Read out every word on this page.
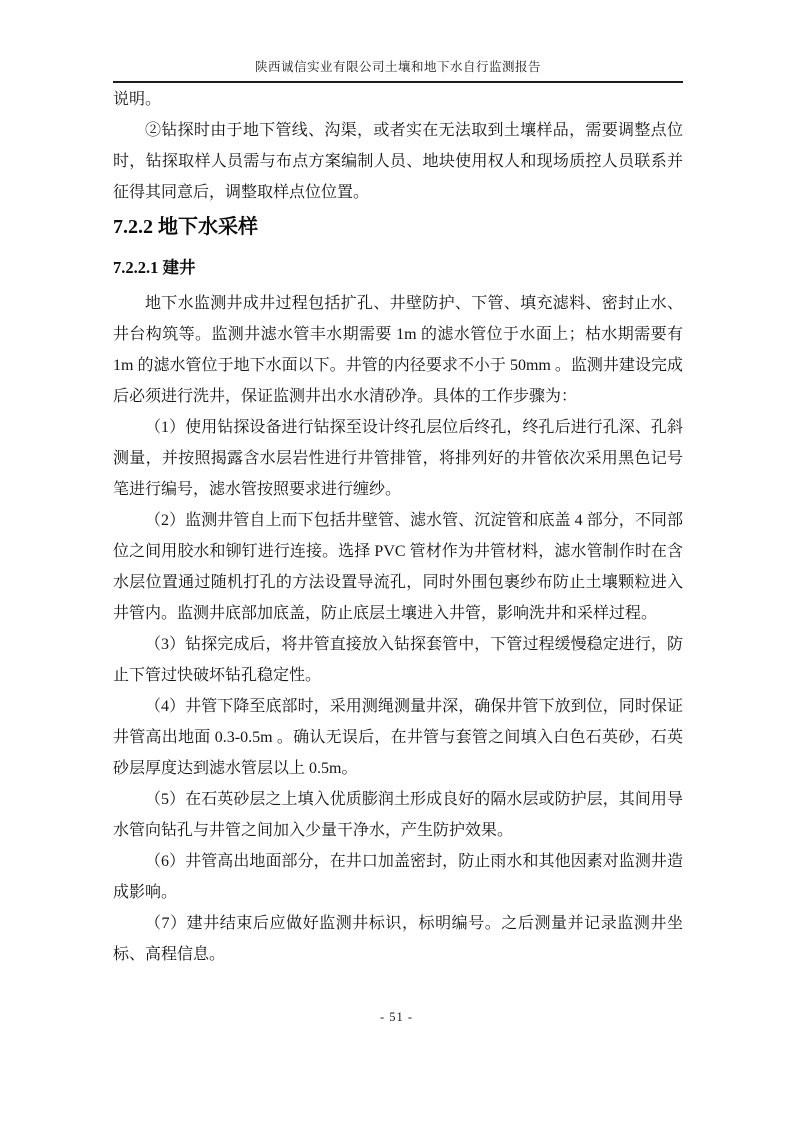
陕西诚信实业有限公司土壤和地下水自行监测报告

说明。

②钻探时由于地下管线、沟渠，或者实在无法取到土壤样品，需要调整点位时，钻探取样人员需与布点方案编制人员、地块使用权人和现场质控人员联系并征得其同意后，调整取样点位位置。

7.2.2 地下水采样
7.2.2.1 建井

地下水监测井成井过程包括扩孔、井壁防护、下管、填充滤料、密封止水、井台构筑等。监测井滤水管丰水期需要 1m 的滤水管位于水面上；枯水期需要有 1m 的滤水管位于地下水面以下。井管的内径要求不小于 50mm 。监测井建设完成后必须进行洗井，保证监测井出水水清砂净。具体的工作步骤为：

（1）使用钻探设备进行钻探至设计终孔层位后终孔，终孔后进行孔深、孔斜测量，并按照揭露含水层岩性进行井管排管，将排列好的井管依次采用黑色记号笔进行编号，滤水管按照要求进行缠纱。

（2）监测井管自上而下包括井壁管、滤水管、沉淀管和底盖 4 部分，不同部位之间用胶水和铆钉进行连接。选择 PVC 管材作为井管材料，滤水管制作时在含水层位置通过随机打孔的方法设置导流孔，同时外围包裹纱布防止土壤颗粒进入井管内。监测井底部加底盖，防止底层土壤进入井管，影响洗井和采样过程。

（3）钻探完成后，将井管直接放入钻探套管中，下管过程缓慢稳定进行，防止下管过快破坏钻孔稳定性。

（4）井管下降至底部时，采用测绳测量井深，确保井管下放到位，同时保证井管高出地面 0.3-0.5m 。确认无误后，在井管与套管之间填入白色石英砂，石英砂层厚度达到滤水管层以上 0.5m。

（5）在石英砂层之上填入优质膨润土形成良好的隔水层或防护层，其间用导水管向钻孔与井管之间加入少量干净水，产生防护效果。

（6）井管高出地面部分，在井口加盖密封，防止雨水和其他因素对监测井造成影响。

（7）建井结束后应做好监测井标识，标明编号。之后测量并记录监测井坐标、高程信息。

- 51 -
